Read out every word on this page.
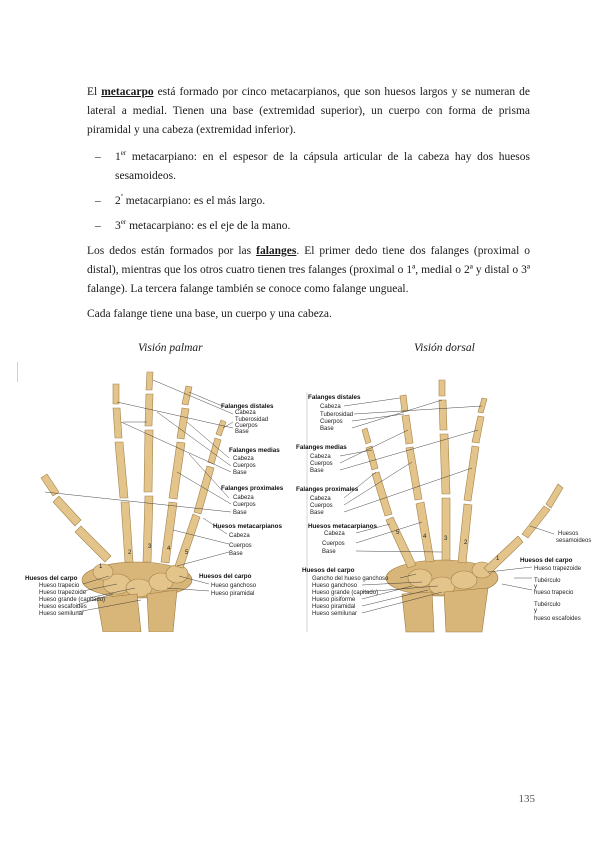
El metacarpo está formado por cinco metacarpianos, que son huesos largos y se numeran de lateral a medial. Tienen una base (extremidad superior), un cuerpo con forma de prisma piramidal y una cabeza (extremidad inferior).

– 1er metacarpiano: en el espesor de la cápsula articular de la cabeza hay dos huesos sesamoideos.
– $2^º$ metacarpiano: es el más largo.
– 3er metacarpiano: es el eje de la mano.

Los dedos están formados por las falanges. El primer dedo tiene dos falanges (proximal o distal), mientras que los otros cuatro tienen tres falanges (proximal o 1ª, medial o 2ª y distal o 3ª falange). La tercera falange también se conoce como falange ungueal.

Cada falange tiene una base, un cuerpo y una cabeza.

Visión palmar	Visión dorsal
1
2
3	4
5
Falanges distales
Cabeza
Tuberosidad
Cuerpos
Base
Falanges medias
Cabeza
Cuerpos
Base
Falanges proximales
Cabeza
Cuerpos
Base
Huesos metacarpianos
Cabeza
Cuerpos
Base
Huesos del carpo
Hueso trapecio
Hueso trapezoide
Hueso grande (capitado)
Hueso escafoides
Hueso semilunar
Huesos del carpo
Hueso ganchoso
Hueso piramidal
5
4	3
2
1
Falanges distales
Cabeza
Tuberosidad
Cuerpos
Base
Falanges medias
Cabeza
Cuerpos
Base
Falanges proximales
Cabeza
Cuerpos
Base
Huesos metacarpianos
Cabeza
Cuerpos
Base
Huesos del carpo
Gancho del hueso ganchoso
Hueso ganchoso
Hueso grande (capitado)
Hueso pisiforme
Hueso piramidal
Hueso semilunar
Huesos
sesamoideos
Huesos del carpo
Hueso trapezoide
Tubérculo
y
hueso trapecio
Tubérculo
y
hueso escafoides
135
